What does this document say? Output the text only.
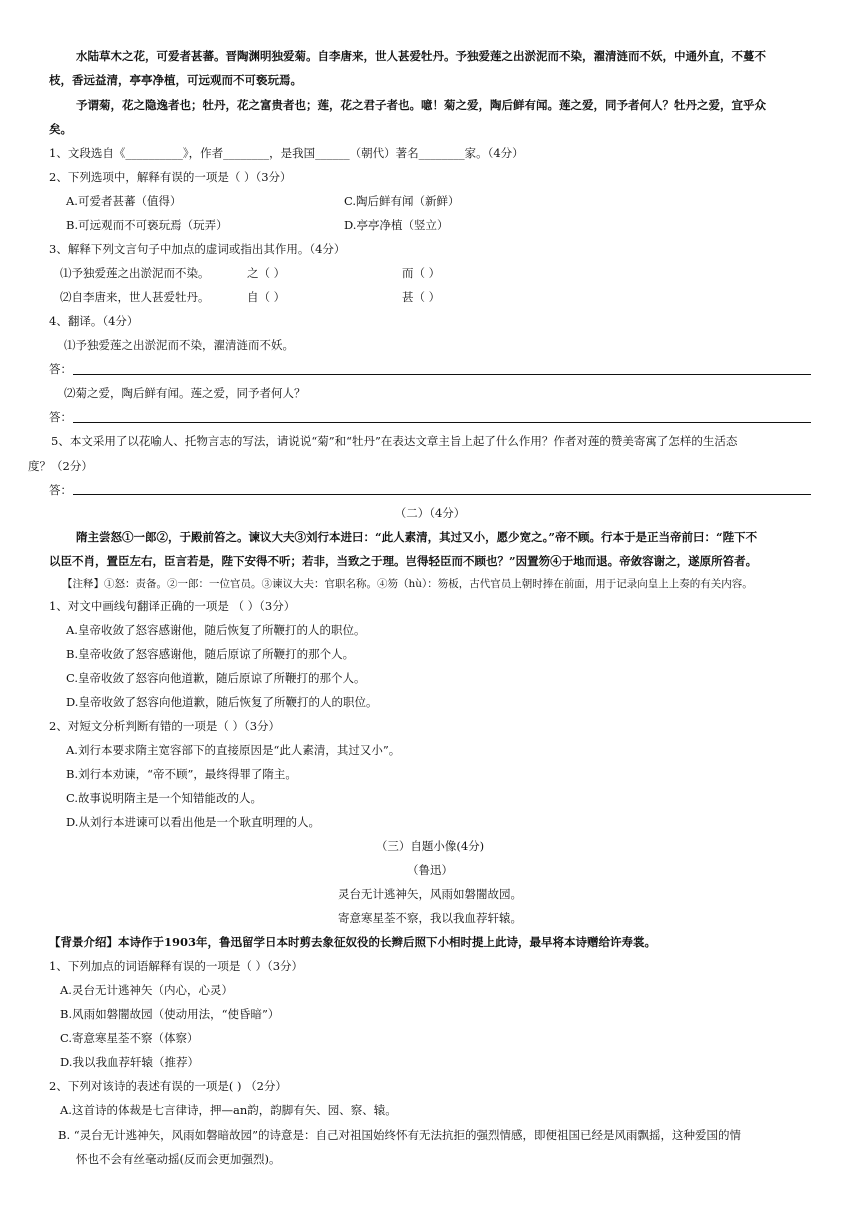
水陆草木之花，可爱者甚蕃。晋陶渊明独爱菊。自李唐来，世人甚爱牡丹。予独爱莲之出淤泥而不染，濯清涟而不妖，中通外直，不蔓不
枝，香远益清，亭亭净植，可远观而不可亵玩焉。
予谓菊，花之隐逸者也；牡丹，花之富贵者也；莲，花之君子者也。噫！菊之爱，陶后鲜有闻。莲之爱，同予者何人？牡丹之爱，宜乎众
矣。
1、文段选自《__________》，作者________，是我国______（朝代）著名________家。（4分）
2、下列选项中，解释有误的一项是（ ）（3分）
A.可爱者甚蕃（值得）	C.陶后鲜有闻（新鲜）
B.可远观而不可亵玩焉（玩弄）	D.亭亭净植（竖立）
3、解释下列文言句子中加点的虚词或指出其作用。（4分）
⑴予独爱莲之出淤泥而不染。	之（ ）	而（ ）
⑵自李唐来，世人甚爱牡丹。	自（ ）	甚（ ）
4、翻译。（4分）
⑴予独爱莲之出淤泥而不染，濯清涟而不妖。
答：
⑵菊之爱，陶后鲜有闻。莲之爱，同予者何人？
答：
5、本文采用了以花喻人、托物言志的写法，请说说“菊”和“牡丹”在表达文章主旨上起了什么作用？作者对莲的赞美寄寓了怎样的生活态
度？（2分）
答：
（二）（4分）
隋主尝怒①一郎②，于殿前笞之。谏议大夫③刘行本进曰：“此人素清，其过又小，愿少宽之。”帝不顾。行本于是正当帝前曰：“陛下不
以臣不肖，置臣左右，臣言若是，陛下安得不听；若非，当致之于理。岂得轻臣而不顾也？”因置笏④于地而退。帝敛容谢之，遂原所笞者。
【注释】①怒：责备。②一郎：一位官员。③谏议大夫：官职名称。④笏（hù）：笏板，古代官员上朝时捧在前面，用于记录向皇上上奏的有关内容。
1、对文中画线句翻译正确的一项是 （ ）（3分）
A.皇帝收敛了怒容感谢他，随后恢复了所鞭打的人的职位。
B.皇帝收敛了怒容感谢他，随后原谅了所鞭打的那个人。
C.皇帝收敛了怒容向他道歉，随后原谅了所鞭打的那个人。
D.皇帝收敛了怒容向他道歉，随后恢复了所鞭打的人的职位。
2、对短文分析判断有错的一项是（ ）（3分）
A.刘行本要求隋主宽容部下的直接原因是“此人素清，其过又小”。
B.刘行本劝谏，“帝不顾”，最终得罪了隋主。
C.故事说明隋主是一个知错能改的人。
D.从刘行本进谏可以看出他是一个耿直明理的人。
（三）自题小像(4分)
（鲁迅）
灵台无计逃神矢，风雨如磐闇故园。
寄意寒星荃不察，我以我血荐轩辕。
【背景介绍】本诗作于1903年，鲁迅留学日本时剪去象征奴役的长辫后照下小相时提上此诗，最早将本诗赠给许寿裳。
1、下列加点的词语解释有误的一项是（ ）（3分）
A.灵台无计逃神矢（内心，心灵）
B.风雨如磐闇故园（使动用法，“使昏暗”）
C.寄意寒星荃不察（体察）
D.我以我血荐轩辕（推荐）
2、下列对该诗的表述有误的一项是( ) （2分）
A.这首诗的体裁是七言律诗，押—an韵，韵脚有矢、园、察、辕。
B. “灵台无计逃神矢，风雨如磐暗故园”的诗意是：自己对祖国始终怀有无法抗拒的强烈情感，即便祖国已经是风雨飘摇，这种爱国的情
怀也不会有丝毫动摇(反而会更加强烈)。
